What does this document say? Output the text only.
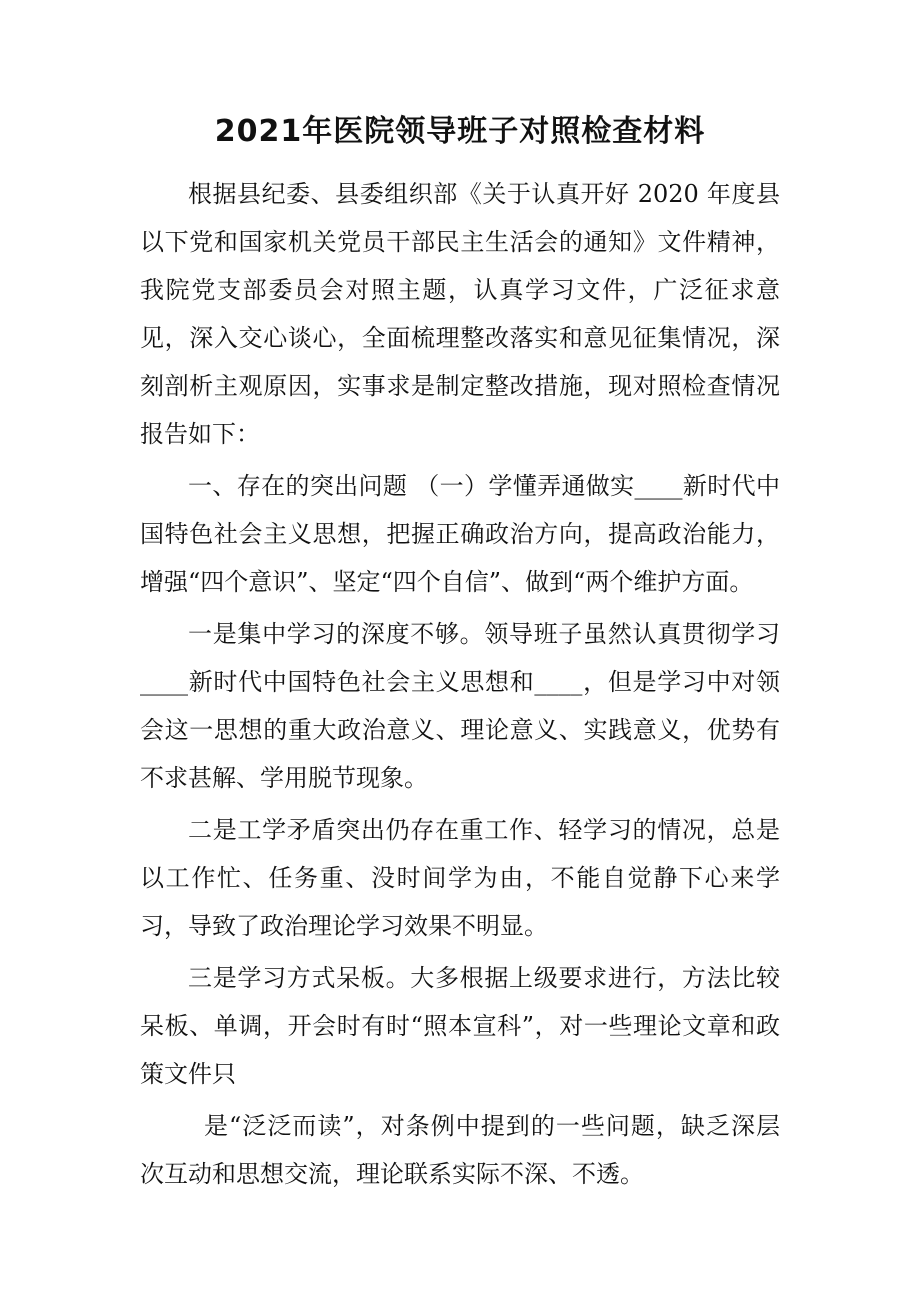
2021年医院领导班子对照检查材料

根据县纪委、县委组织部《关于认真开好 2020 年度县以下党和国家机关党员干部民主生活会的通知》文件精神，我院党支部委员会对照主题，认真学习文件，广泛征求意见，深入交心谈心，全面梳理整改落实和意见征集情况，深刻剖析主观原因，实事求是制定整改措施，现对照检查情况报告如下：

一、存在的突出问题 （一）学懂弄通做实____新时代中国特色社会主义思想，把握正确政治方向，提高政治能力，增强“四个意识”、坚定“四个自信”、做到“两个维护方面。

一是集中学习的深度不够。领导班子虽然认真贯彻学习____新时代中国特色社会主义思想和____，但是学习中对领会这一思想的重大政治意义、理论意义、实践意义，优势有不求甚解、学用脱节现象。

二是工学矛盾突出仍存在重工作、轻学习的情况，总是以工作忙、任务重、没时间学为由，不能自觉静下心来学习，导致了政治理论学习效果不明显。

三是学习方式呆板。大多根据上级要求进行，方法比较呆板、单调，开会时有时“照本宣科”，对一些理论文章和政策文件只

是“泛泛而读”，对条例中提到的一些问题，缺乏深层次互动和思想交流，理论联系实际不深、不透。
